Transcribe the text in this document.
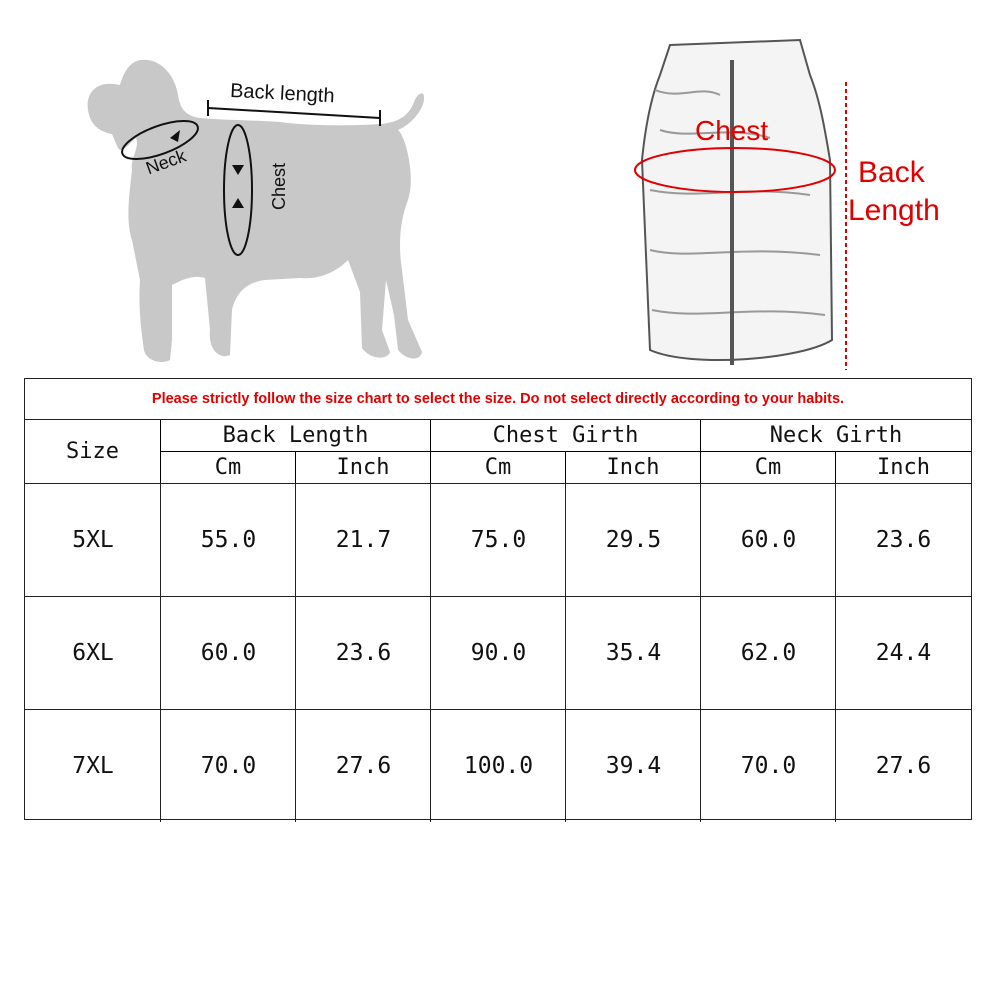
Back length
Neck
Chest
Chest
Back
Length
Please strictly follow the size chart to select the size. Do not select directly according to your habits.
Size
Back Length	Chest Girth	Neck Girth
Cm	Inch	Cm	Inch	Cm	Inch
5XL	55.0	21.7	75.0	29.5	60.0	23.6
6XL	60.0	23.6	90.0	35.4	62.0	24.4
7XL	70.0	27.6	100.0	39.4	70.0	27.6
